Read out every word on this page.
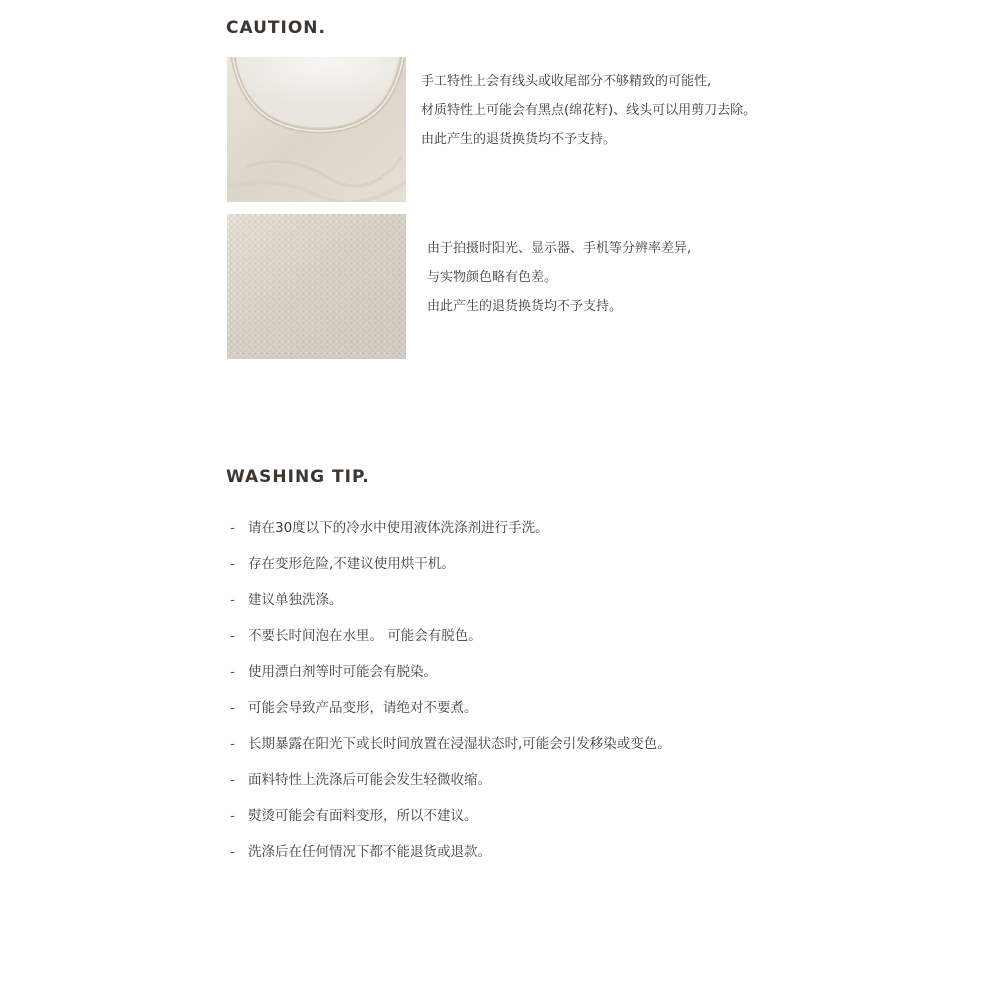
CAUTION.
手工特性上会有线头或收尾部分不够精致的可能性,
材质特性上可能会有黑点(绵花籽)、线头可以用剪刀去除。
由此产生的退货换货均不予支持。
由于拍摄时阳光、显示器、手机等分辨率差异,
与实物颜色略有色差。
由此产生的退货换货均不予支持。
WASHING TIP.
- 请在30度以下的冷水中使用液体洗涤剂进行手洗。
- 存在变形危险,不建议使用烘干机。
- 建议单独洗涤。
- 不要长时间泡在水里。 可能会有脱色。
- 使用漂白剂等时可能会有脱染。
- 可能会导致产品变形，请绝对不要煮。
- 长期暴露在阳光下或长时间放置在浸湿状态时,可能会引发移染或变色。
- 面料特性上洗涤后可能会发生轻微收缩。
- 熨烫可能会有面料变形，所以不建议。
- 洗涤后在任何情况下都不能退货或退款。
